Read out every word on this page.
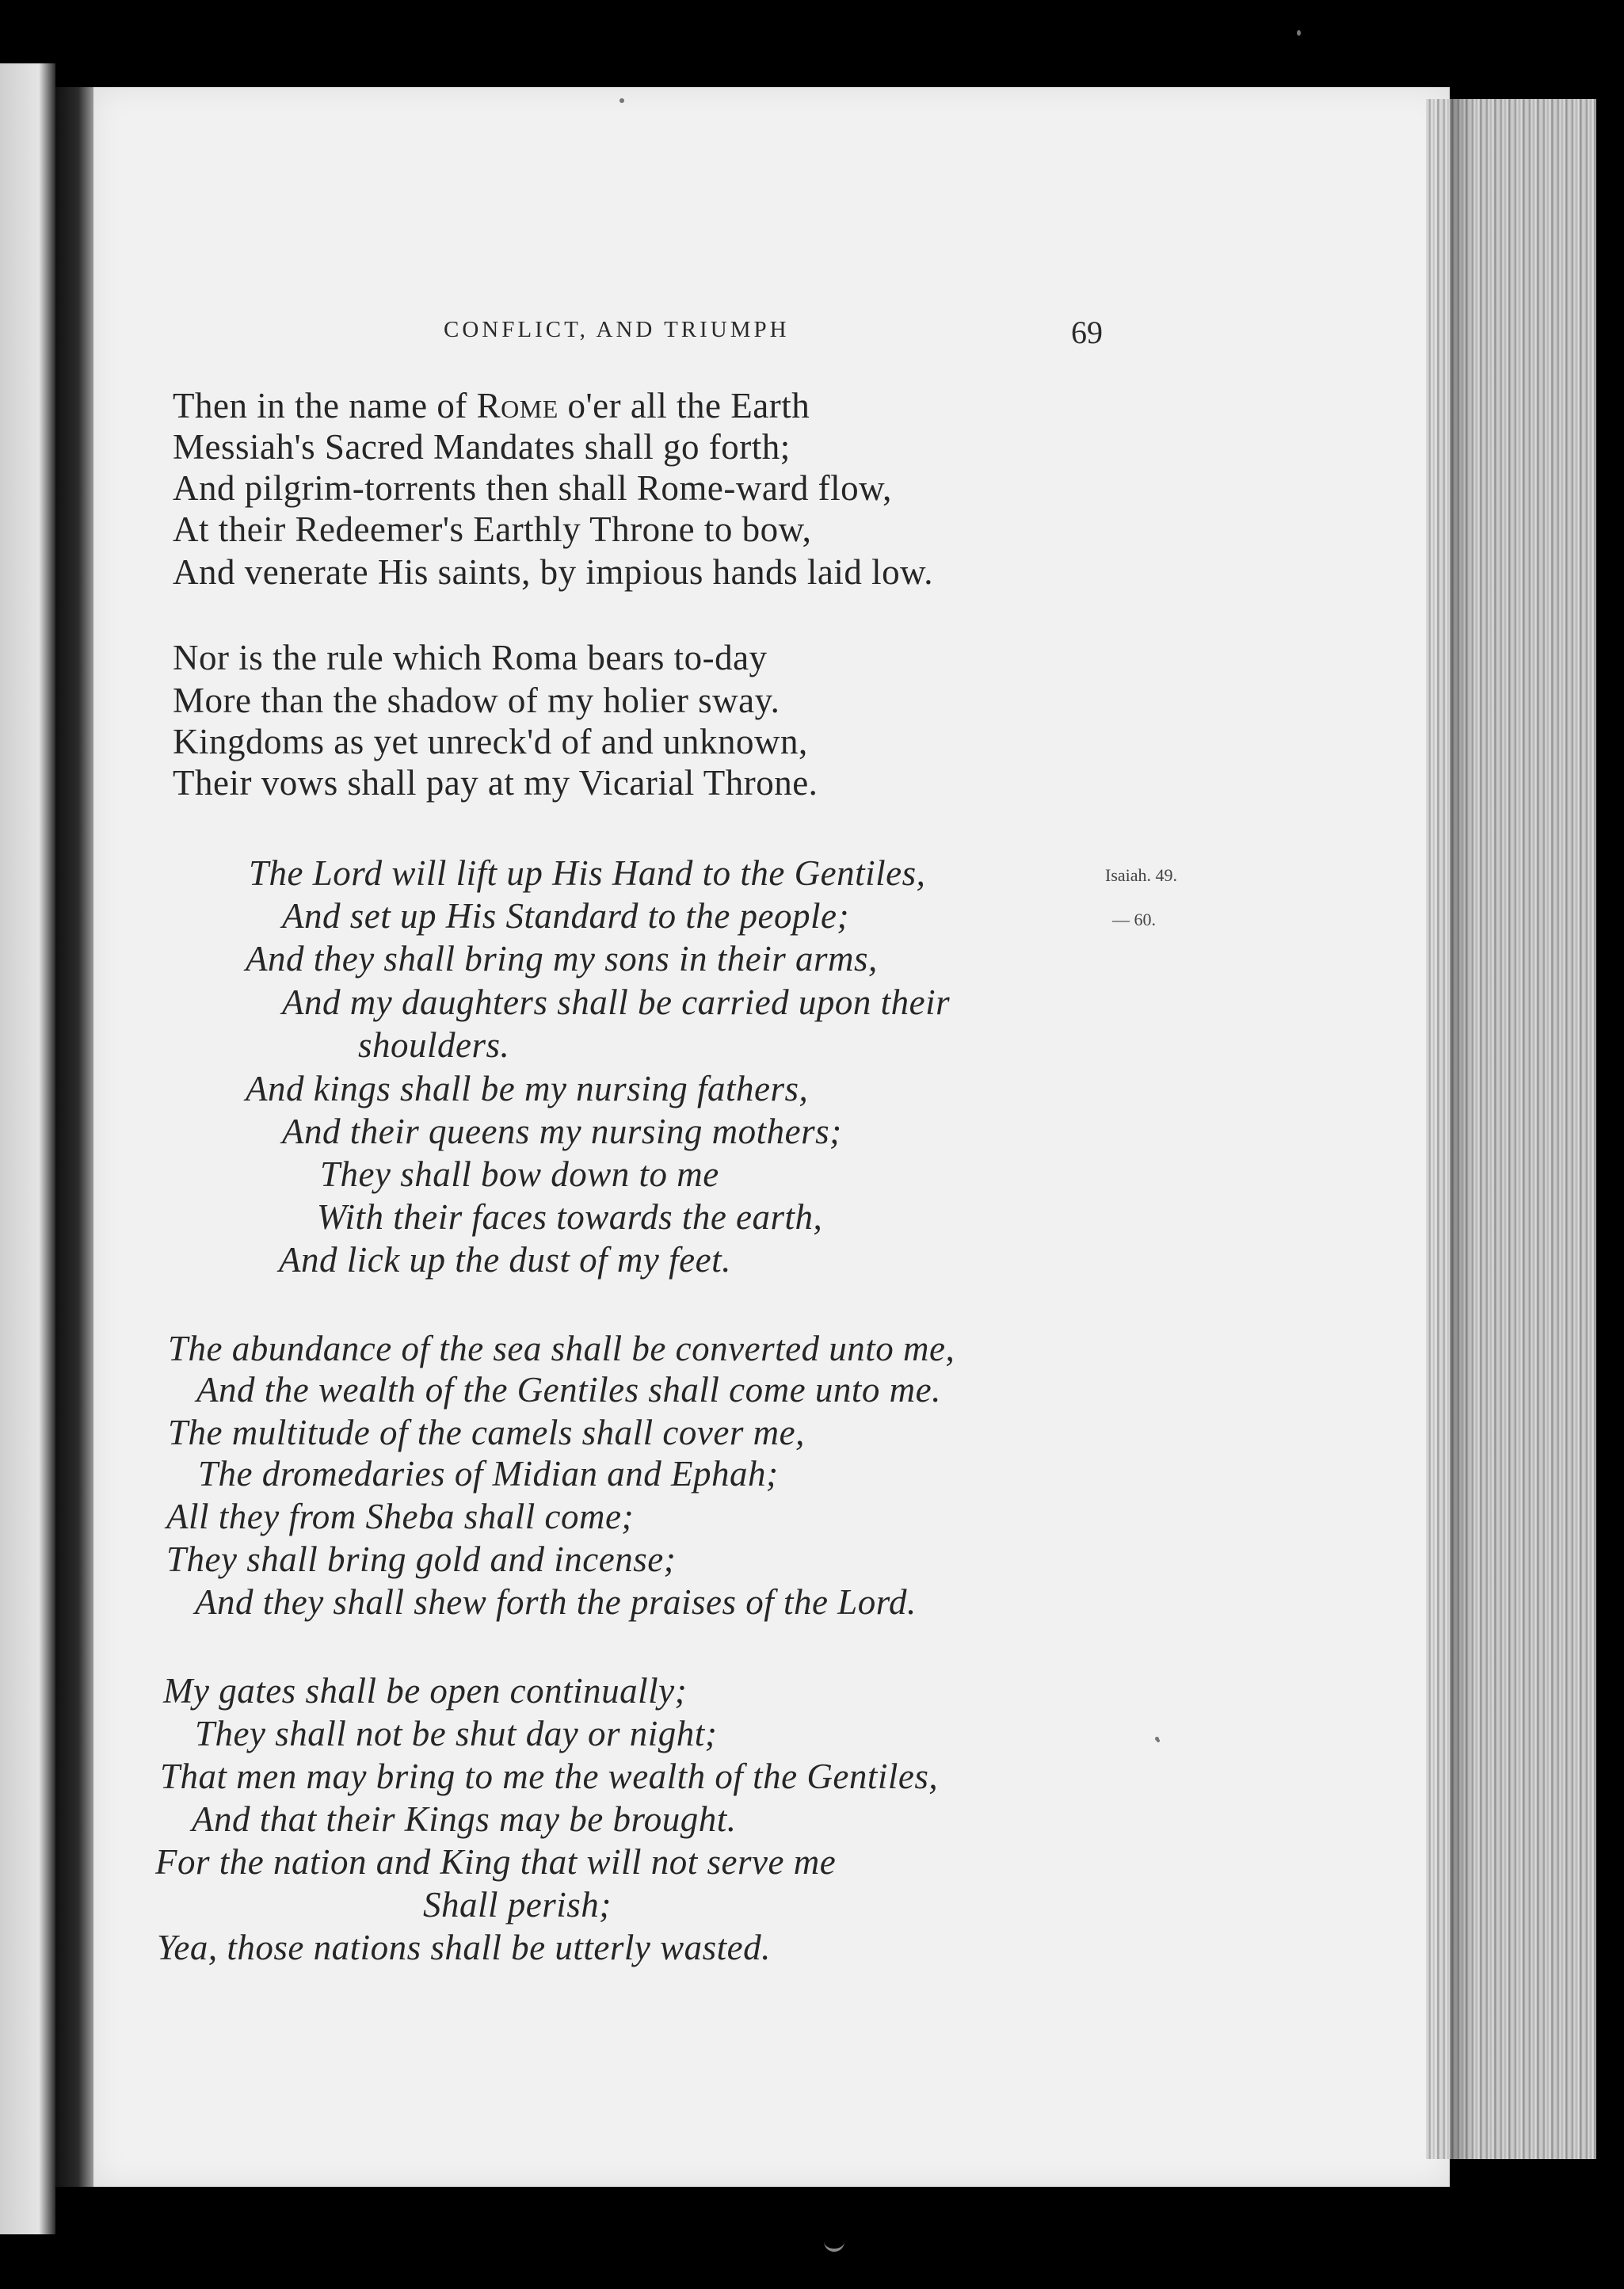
CONFLICT, AND TRIUMPH	69
Then in the name of Rome o'er all the Earth
Messiah's Sacred Mandates shall go forth;
And pilgrim-torrents then shall Rome-ward flow,
At their Redeemer's Earthly Throne to bow,
And venerate His saints, by impious hands laid low.
Nor is the rule which Roma bears to-day
More than the shadow of my holier sway.
Kingdoms as yet unreck'd of and unknown,
Their vows shall pay at my Vicarial Throne.
Isaiah. 49.
— 60.
The Lord will lift up His Hand to the Gentiles,
And set up His Standard to the people;
And they shall bring my sons in their arms,
And my daughters shall be carried upon their
shoulders.
And kings shall be my nursing fathers,
And their queens my nursing mothers;
They shall bow down to me
With their faces towards the earth,
And lick up the dust of my feet.
The abundance of the sea shall be converted unto me,
And the wealth of the Gentiles shall come unto me.
The multitude of the camels shall cover me,
The dromedaries of Midian and Ephah;
All they from Sheba shall come;
They shall bring gold and incense;
And they shall shew forth the praises of the Lord.
My gates shall be open continually;
They shall not be shut day or night;
That men may bring to me the wealth of the Gentiles,
And that their Kings may be brought.
For the nation and King that will not serve me
Shall perish;
Yea, those nations shall be utterly wasted.
